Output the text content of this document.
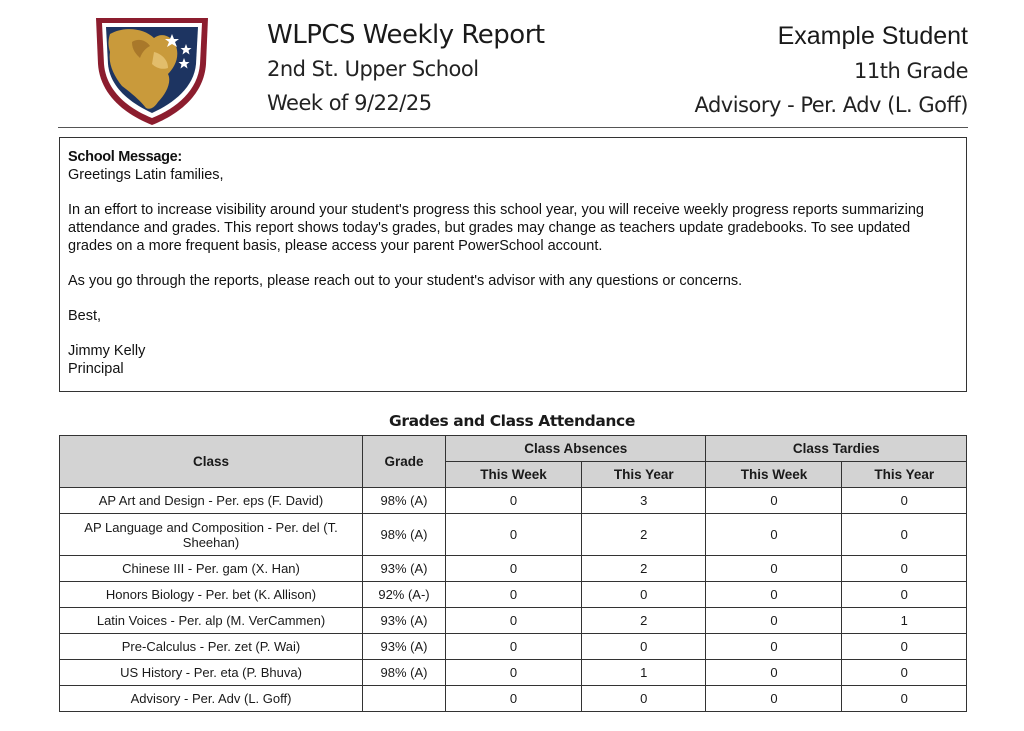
WLPCS Weekly Report

2nd St. Upper School

Week of 9/22/25

Example Student

11th Grade

Advisory - Per. Adv (L. Goff)

School Message:

Greetings Latin families,

In an effort to increase visibility around your student's progress this school year, you will receive weekly progress reports summarizing attendance and grades. This report shows today's grades, but grades may change as teachers update gradebooks. To see updated grades on a more frequent basis, please access your parent PowerSchool account.

As you go through the reports, please reach out to your student's advisor with any questions or concerns.

Best,

Jimmy Kelly

Principal

Grades and Class Attendance
Class	Grade	Class Absences		Class Tardies	
		This Week	This Year	This Week	This Year
AP Art and Design - Per. eps (F. David)	98% (A)	0	3	0	0
AP Language and Composition - Per. del (T. Sheehan)	98% (A)	0	2	0	0
Chinese III - Per. gam (X. Han)	93% (A)	0	2	0	0
Honors Biology - Per. bet (K. Allison)	92% (A-)	0	0	0	0
Latin Voices - Per. alp (M. VerCammen)	93% (A)	0	2	0	1
Pre-Calculus - Per. zet (P. Wai)	93% (A)	0	0	0	0
US History - Per. eta (P. Bhuva)	98% (A)	0	1	0	0
Advisory - Per. Adv (L. Goff)		0	0	0	0
